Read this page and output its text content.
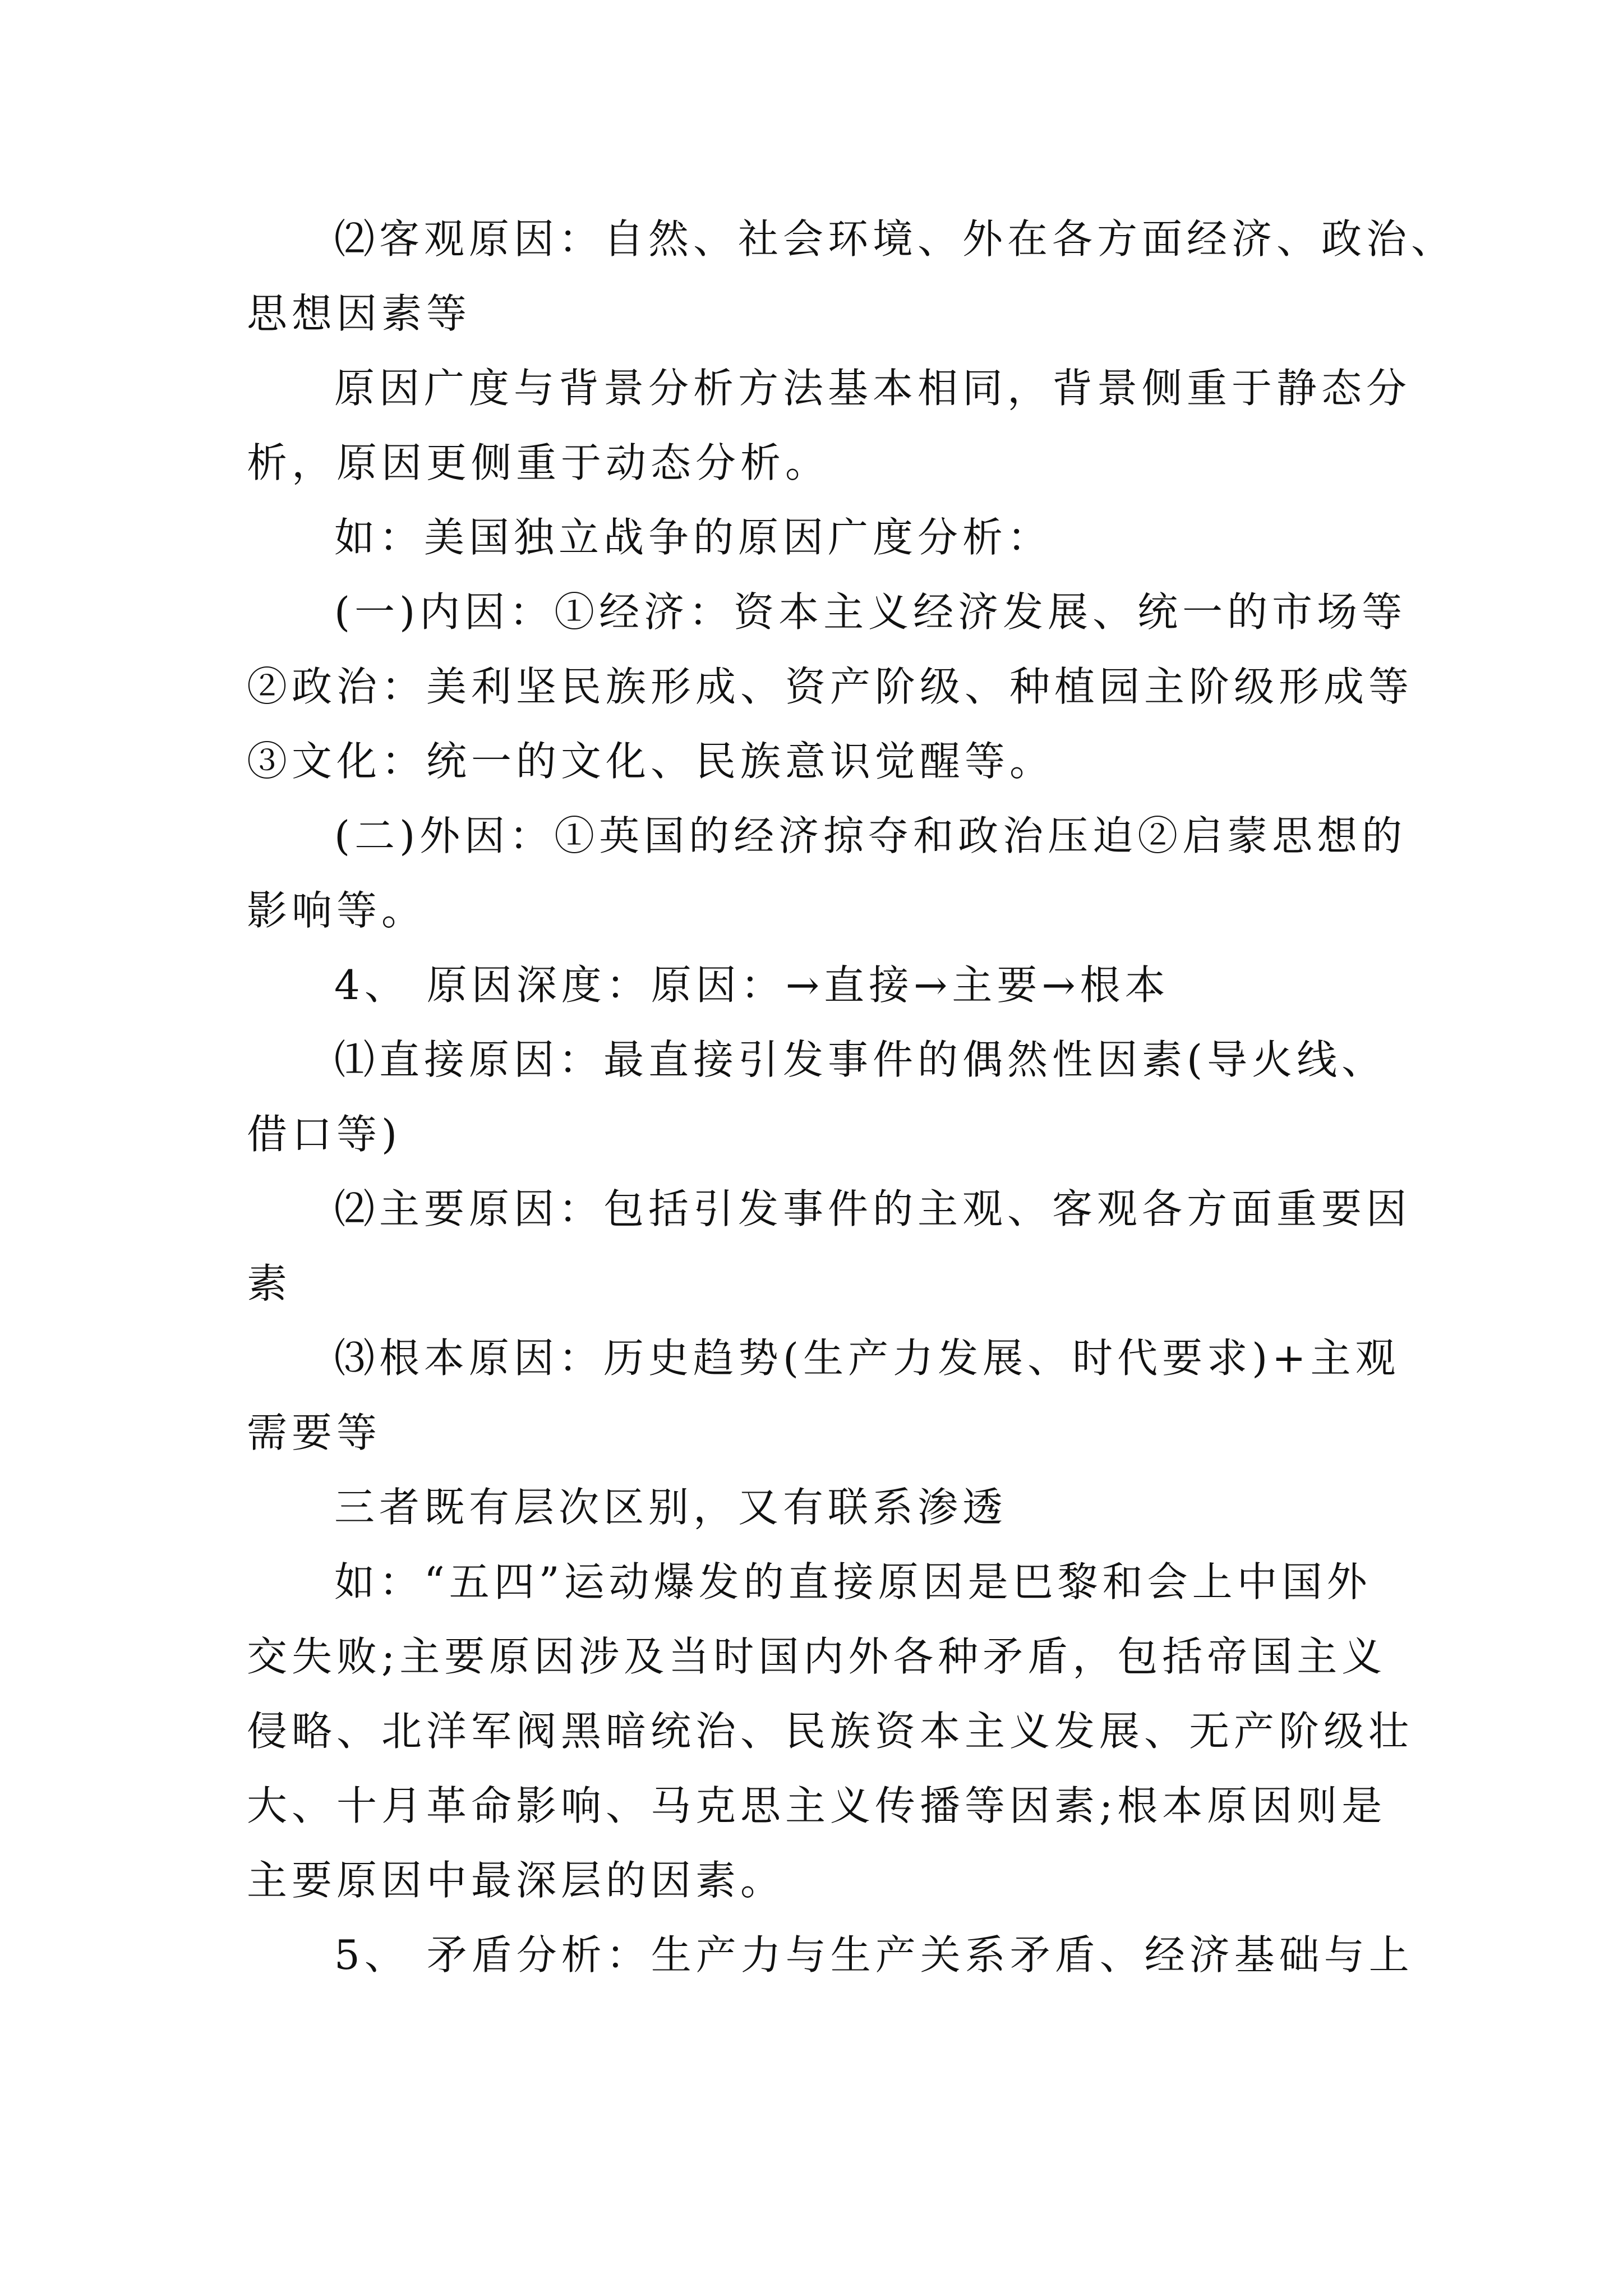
⑵客观原因：自然、社会环境、外在各方面经济、政治、
思想因素等
原因广度与背景分析方法基本相同，背景侧重于静态分
析，原因更侧重于动态分析。
如：美国独立战争的原因广度分析：
(一)内因：①经济：资本主义经济发展、统一的市场等
②政治：美利坚民族形成、资产阶级、种植园主阶级形成等
③文化：统一的文化、民族意识觉醒等。
(二)外因：①英国的经济掠夺和政治压迫②启蒙思想的
影响等。
4、 原因深度：原因：→直接→主要→根本
⑴直接原因：最直接引发事件的偶然性因素(导火线、
借口等)
⑵主要原因：包括引发事件的主观、客观各方面重要因
素
⑶根本原因：历史趋势(生产力发展、时代要求)+主观
需要等
三者既有层次区别，又有联系渗透
如：“五四”运动爆发的直接原因是巴黎和会上中国外
交失败;主要原因涉及当时国内外各种矛盾，包括帝国主义
侵略、北洋军阀黑暗统治、民族资本主义发展、无产阶级壮
大、十月革命影响、马克思主义传播等因素;根本原因则是
主要原因中最深层的因素。
5、 矛盾分析：生产力与生产关系矛盾、经济基础与上
